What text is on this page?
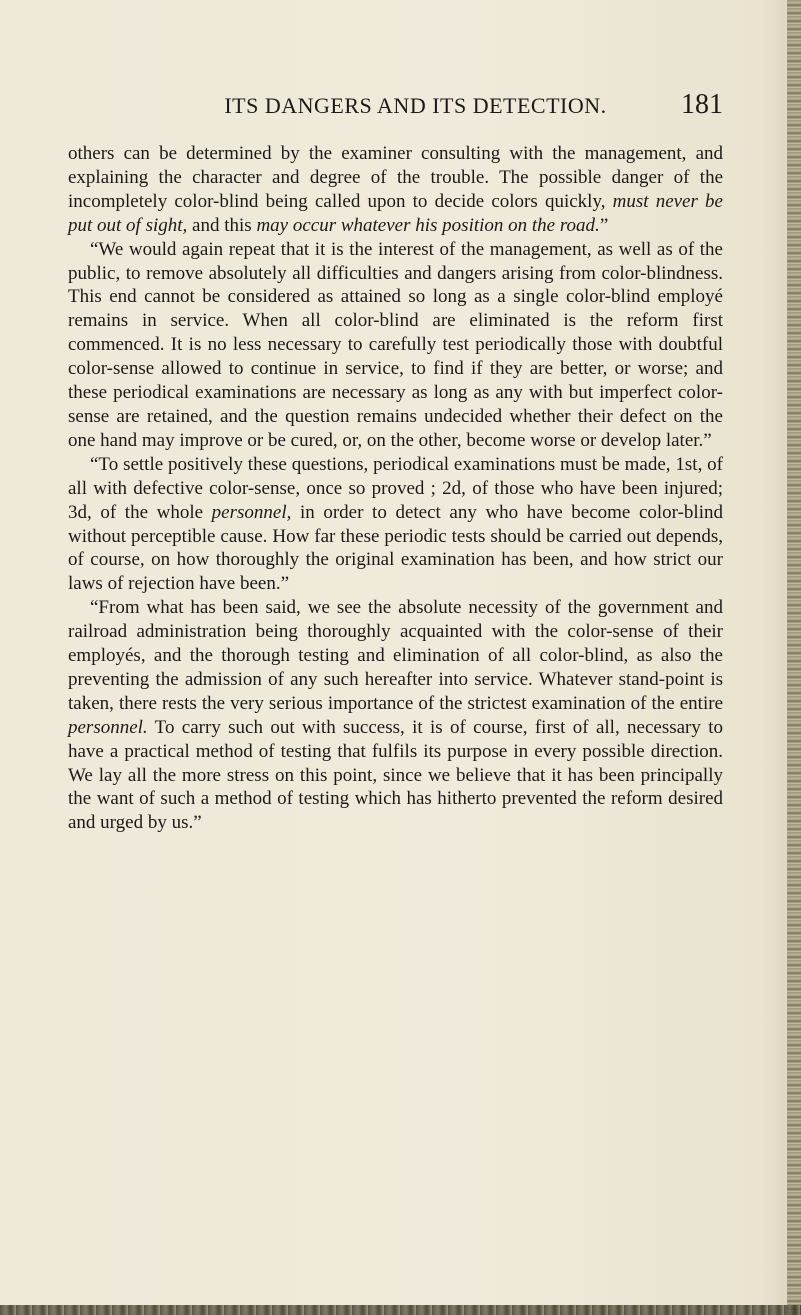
ITS DANGERS AND ITS DETECTION.	181

others can be determined by the examiner consulting with the management, and explaining the character and degree of the trouble. The possible danger of the incompletely color-blind being called upon to decide colors quickly, must never be put out of sight, and this may occur whatever his position on the road.”

“We would again repeat that it is the interest of the management, as well as of the public, to remove absolutely all difficulties and dangers arising from color-blindness. This end cannot be considered as attained so long as a single color-blind employé remains in service. When all color-blind are eliminated is the reform first commenced. It is no less necessary to carefully test periodically those with doubtful color-sense allowed to continue in service, to find if they are better, or worse; and these periodical examinations are necessary as long as any with but imperfect color-sense are retained, and the question remains undecided whether their defect on the one hand may improve or be cured, or, on the other, become worse or develop later.”

“To settle positively these questions, periodical examinations must be made, 1st, of all with defective color-sense, once so proved ; 2d, of those who have been injured; 3d, of the whole personnel, in order to detect any who have become color-blind without perceptible cause. How far these periodic tests should be carried out depends, of course, on how thoroughly the original examination has been, and how strict our laws of rejection have been.”

“From what has been said, we see the absolute necessity of the government and railroad administration being thoroughly acquainted with the color-sense of their employés, and the thorough testing and elimination of all color-blind, as also the preventing the admission of any such hereafter into service. Whatever stand-point is taken, there rests the very serious importance of the strictest examination of the entire personnel. To carry such out with success, it is of course, first of all, necessary to have a practical method of testing that fulfils its purpose in every possible direction. We lay all the more stress on this point, since we believe that it has been principally the want of such a method of testing which has hitherto prevented the reform desired and urged by us.”
